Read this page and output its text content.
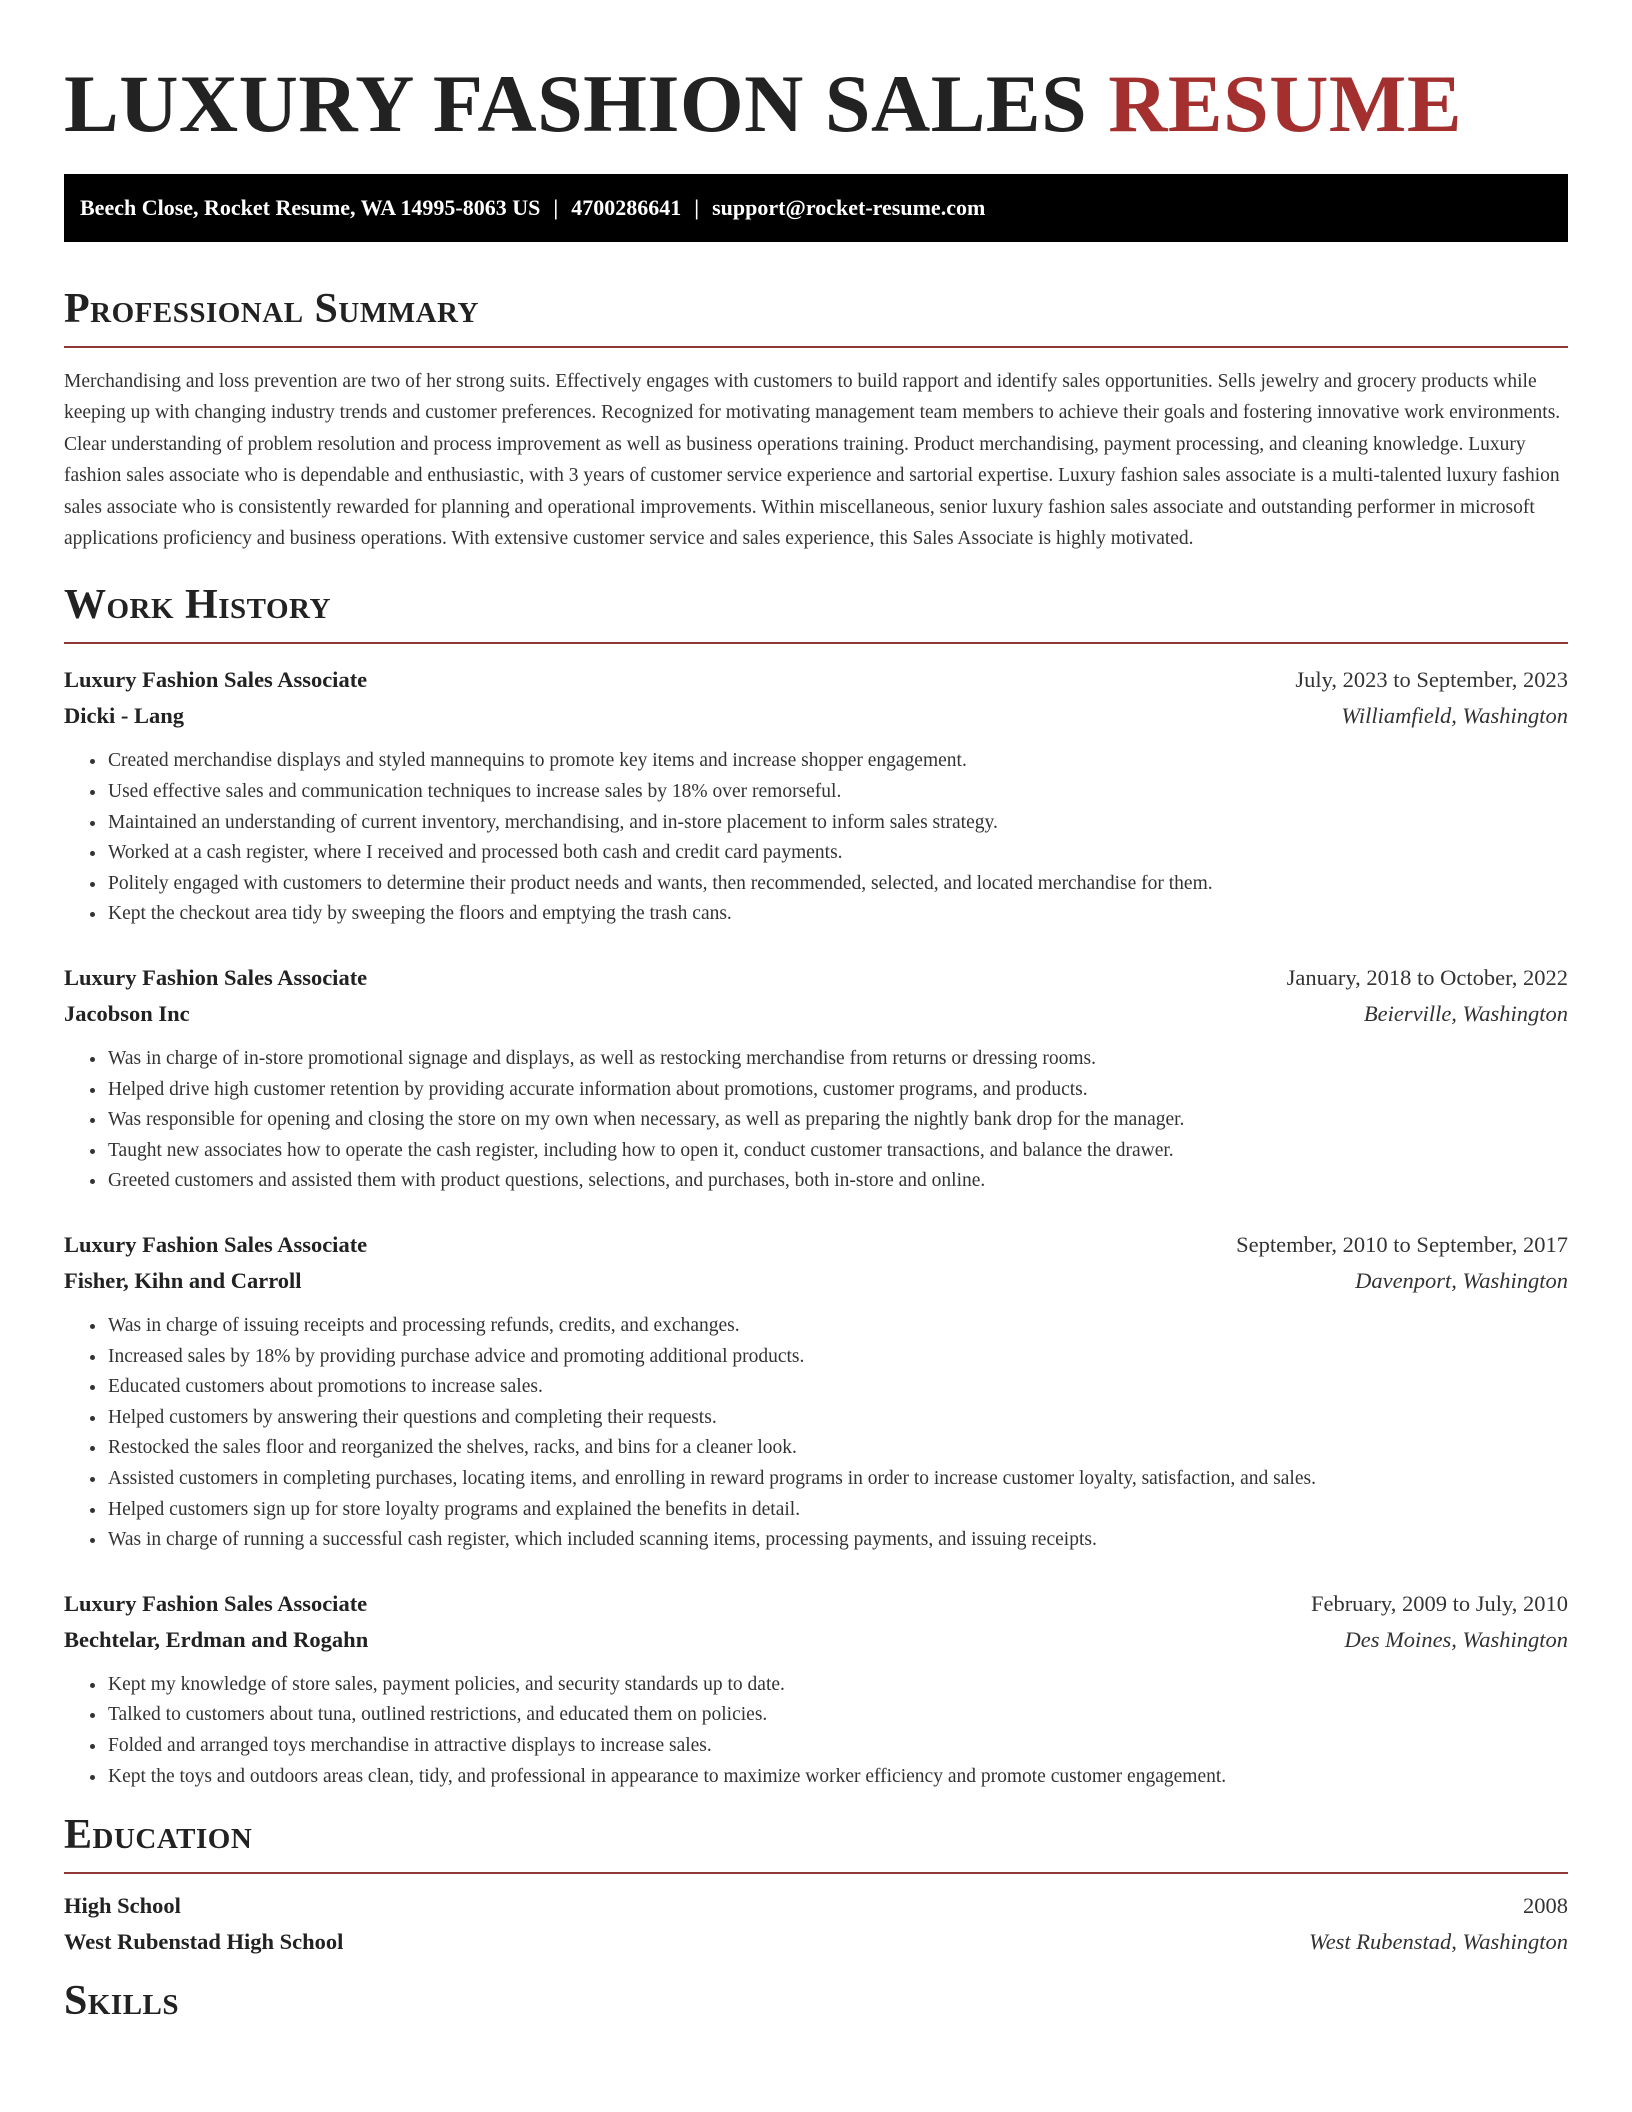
LUXURY FASHION SALES RESUME
Beech Close, Rocket Resume, WA 14995-8063 US | 4700286641 | support@rocket-resume.com
Professional Summary

Merchandising and loss prevention are two of her strong suits. Effectively engages with customers to build rapport and identify sales opportunities. Sells jewelry and grocery products while keeping up with changing industry trends and customer preferences. Recognized for motivating management team members to achieve their goals and fostering innovative work environments. Clear understanding of problem resolution and process improvement as well as business operations training. Product merchandising, payment processing, and cleaning knowledge. Luxury fashion sales associate who is dependable and enthusiastic, with 3 years of customer service experience and sartorial expertise. Luxury fashion sales associate is a multi-talented luxury fashion sales associate who is consistently rewarded for planning and operational improvements. Within miscellaneous, senior luxury fashion sales associate and outstanding performer in microsoft applications proficiency and business operations. With extensive customer service and sales experience, this Sales Associate is highly motivated.

Work History
Luxury Fashion Sales Associate	July, 2023 to September, 2023
Dicki - Lang	Williamfield, Washington
• Created merchandise displays and styled mannequins to promote key items and increase shopper engagement.
• Used effective sales and communication techniques to increase sales by 18% over remorseful.
• Maintained an understanding of current inventory, merchandising, and in-store placement to inform sales strategy.
• Worked at a cash register, where I received and processed both cash and credit card payments.
• Politely engaged with customers to determine their product needs and wants, then recommended, selected, and located merchandise for them.
• Kept the checkout area tidy by sweeping the floors and emptying the trash cans.
Luxury Fashion Sales Associate	January, 2018 to October, 2022
Jacobson Inc	Beierville, Washington
• Was in charge of in-store promotional signage and displays, as well as restocking merchandise from returns or dressing rooms.
• Helped drive high customer retention by providing accurate information about promotions, customer programs, and products.
• Was responsible for opening and closing the store on my own when necessary, as well as preparing the nightly bank drop for the manager.
• Taught new associates how to operate the cash register, including how to open it, conduct customer transactions, and balance the drawer.
• Greeted customers and assisted them with product questions, selections, and purchases, both in-store and online.
Luxury Fashion Sales Associate	September, 2010 to September, 2017
Fisher, Kihn and Carroll	Davenport, Washington
• Was in charge of issuing receipts and processing refunds, credits, and exchanges.
• Increased sales by 18% by providing purchase advice and promoting additional products.
• Educated customers about promotions to increase sales.
• Helped customers by answering their questions and completing their requests.
• Restocked the sales floor and reorganized the shelves, racks, and bins for a cleaner look.
• Assisted customers in completing purchases, locating items, and enrolling in reward programs in order to increase customer loyalty, satisfaction, and sales.
• Helped customers sign up for store loyalty programs and explained the benefits in detail.
• Was in charge of running a successful cash register, which included scanning items, processing payments, and issuing receipts.
Luxury Fashion Sales Associate	February, 2009 to July, 2010
Bechtelar, Erdman and Rogahn	Des Moines, Washington
• Kept my knowledge of store sales, payment policies, and security standards up to date.
• Talked to customers about tuna, outlined restrictions, and educated them on policies.
• Folded and arranged toys merchandise in attractive displays to increase sales.
• Kept the toys and outdoors areas clean, tidy, and professional in appearance to maximize worker efficiency and promote customer engagement.
Education
High School	2008
West Rubenstad High School	West Rubenstad, Washington
Skills
